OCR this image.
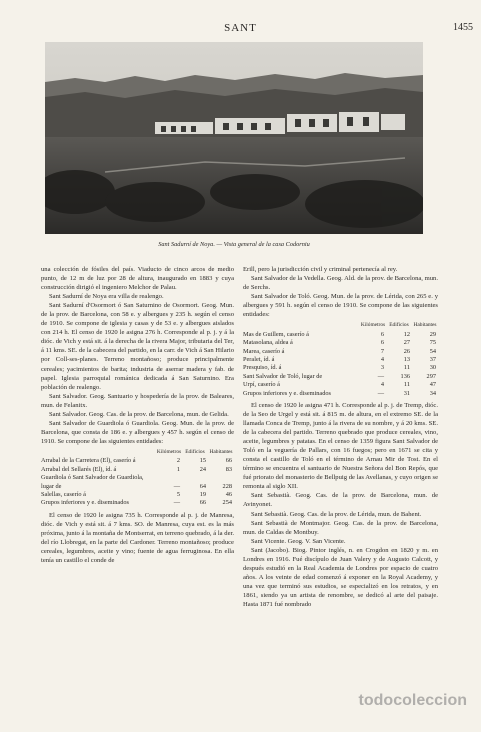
SANT	1455
Sant Sadurní de Noya. — Vista general de la casa Codorniu

una colección de fósiles del país. Viaducto de cinco arcos de medio punto, de 12 m de luz por 28 de altura, inaugurado en 1883 y cuya construcción dirigió el ingeniero Melchor de Palau.

Sant Sadurní de Noya era villa de realengo.

Sant Sadurní d'Osormort ó San Saturnino de Osormort. Geog. Mun. de la prov. de Barcelona, con 58 e. y albergues y 235 h. según el censo de 1910. Se compone de iglesia y casas y de 53 e. y albergues aislados con 214 h. El censo de 1920 le asigna 276 h. Corresponde al p. j. y á la dióc. de Vich y está sit. á la derecha de la rivera Major, tributaria del Ter, á 11 kms. SE. de la cabecera del partido, en la carr. de Vich á San Hilario por Coll-ses-planes. Terreno montañoso; produce principalmente cereales; yacimientos de barita; industria de aserrar madera y fab. de papel. Iglesia parroquial románica dedicada á San Saturnino. Era población de realengo.

Sant Salvador. Geog. Santuario y hospedería de la prov. de Baleares, mun. de Felanitx.

Sant Salvador. Geog. Cas. de la prov. de Barcelona, mun. de Gelida.

Sant Salvador de Guardiola ó Guardiola. Geog. Mun. de la prov. de Barcelona, que consta de 186 e. y albergues y 457 h. según el censo de 1910. Se compone de las siguientes entidades:

	Kilómetros	Edificios	Habitantes
Arrabal de la Carretera (El), caserío á	2	15	66
Arrabal del Sellarés (El), íd. á	1	24	83
Guardiola ó Sant Salvador de Guardiola, lugar de	—	64	228
Salellas, caserío á	5	19	46
Grupos inferiores y e. diseminados	—	66	254

El censo de 1920 le asigna 735 h. Corresponde al p. j. de Manresa, dióc. de Vich y está sit. á 7 kms. SO. de Manresa, cuya est. es la más próxima, junto á la montaña de Montserrat, en terreno quebrado, á la der. del río Llobregat, en la parte del Cardoner. Terreno montañoso; produce cereales, legumbres, aceite y vino; fuente de agua ferruginosa. En ella tenía un castillo el conde de

Erill, pero la jurisdicción civil y criminal pertenecía al rey.

Sant Salvador de la Vedella. Geog. Ald. de la prov. de Barcelona, mun. de Serchs.

Sant Salvador de Toló. Geog. Mun. de la prov. de Lérida, con 265 e. y albergues y 591 h. según el censo de 1910. Se compone de las siguientes entidades:

	Kilómetros	Edificios	Habitantes
Mas de Guillem, caserío á	6	12	29
Matasolana, aldea á	6	27	75
Marea, caserío á	7	26	54
Peralet, íd. á	4	13	37
Presquiso, íd. á	3	11	30
Sant Salvador de Toló, lugar de	—	136	297
Urpí, caserío á	4	11	47
Grupos inferiores y e. diseminados	—	31	34

El censo de 1920 le asigna 471 h. Corresponde al p. j. de Tremp, dióc. de la Seo de Urgel y está sit. á 815 m. de altura, en el extremo SE. de la llamada Conca de Tremp, junto á la rivera de su nombre, y á 20 kms. SE. de la cabecera del partido. Terreno quebrado que produce cereales, vino, aceite, legumbres y patatas. En el censo de 1359 figura Sant Salvador de Toló en la veguería de Pallars, con 16 fuegos; pero en 1671 se cita y consta el castillo de Toló en el término de Arnau Mir de Tost. En el término se encuentra el santuario de Nuestra Señora del Bon Repós, que fué priorato del monasterio de Bellpuig de las Avellanas, y cuyo origen se remonta al siglo XII.

Sant Sebastià. Geog. Cas. de la prov. de Barcelona, mun. de Avinyonet.

Sant Sebastià. Geog. Cas. de la prov. de Lérida, mun. de Bahent.

Sant Sebastià de Montmajor. Geog. Cas. de la prov. de Barcelona, mun. de Caldas de Montbuy.

Sant Vicente. Geog. V. San Vicente.

Sant (Jacobo). Biog. Pintor inglés, n. en Crogdon en 1820 y m. en Londres en 1916. Fué discípulo de Juan Valery y de Augusto Calcott, y después estudió en la Real Academia de Londres por espacio de cuatro años. A los veinte de edad comenzó á exponer en la Royal Academy, y una vez que terminó sus estudios, se especializó en los retratos, y en 1861, siendo ya un artista de renombre, se dedicó al arte del paisaje. Hasta 1871 fué nombrado

todocoleccion
